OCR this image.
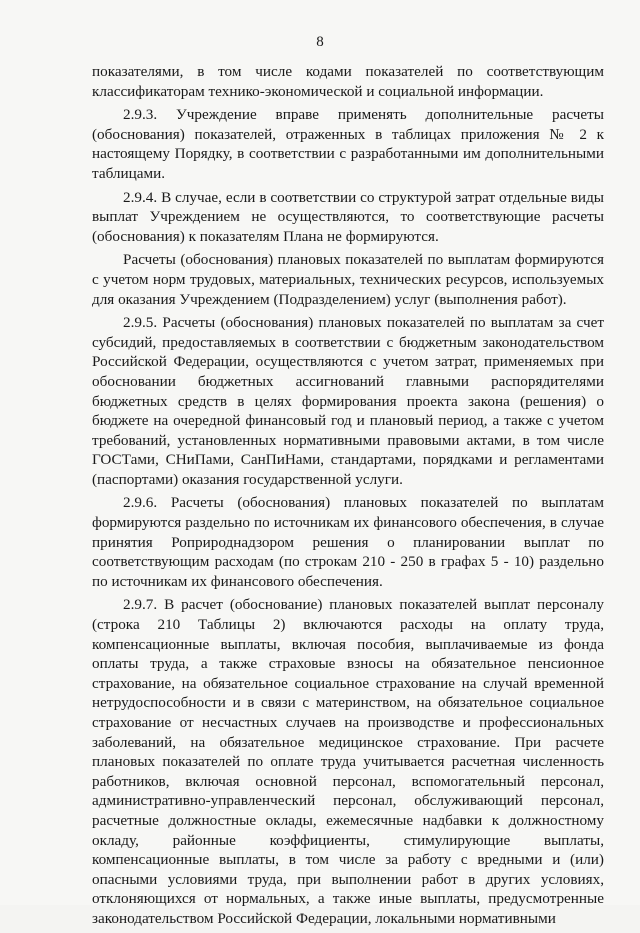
8

показателями, в том числе кодами показателей по соответствующим классификаторам технико-экономической и социальной информации.

2.9.3. Учреждение вправе применять дополнительные расчеты (обоснования) показателей, отраженных в таблицах приложения № 2 к настоящему Порядку, в соответствии с разработанными им дополнительными таблицами.

2.9.4. В случае, если в соответствии со структурой затрат отдельные виды выплат Учреждением не осуществляются, то соответствующие расчеты (обоснования) к показателям Плана не формируются.

Расчеты (обоснования) плановых показателей по выплатам формируются с учетом норм трудовых, материальных, технических ресурсов, используемых для оказания Учреждением (Подразделением) услуг (выполнения работ).

2.9.5. Расчеты (обоснования) плановых показателей по выплатам за счет субсидий, предоставляемых в соответствии с бюджетным законодательством Российской Федерации, осуществляются с учетом затрат, применяемых при обосновании бюджетных ассигнований главными распорядителями бюджетных средств в целях формирования проекта закона (решения) о бюджете на очередной финансовый год и плановый период, а также с учетом требований, установленных нормативными правовыми актами, в том числе ГОСТами, СНиПами, СанПиНами, стандартами, порядками и регламентами (паспортами) оказания государственной услуги.

2.9.6. Расчеты (обоснования) плановых показателей по выплатам формируются раздельно по источникам их финансового обеспечения, в случае принятия Роприроднадзором решения о планировании выплат по соответствующим расходам (по строкам 210 - 250 в графах 5 - 10) раздельно по источникам их финансового обеспечения.

2.9.7. В расчет (обоснование) плановых показателей выплат персоналу (строка 210 Таблицы 2) включаются расходы на оплату труда, компенсационные выплаты, включая пособия, выплачиваемые из фонда оплаты труда, а также страховые взносы на обязательное пенсионное страхование, на обязательное социальное страхование на случай временной нетрудоспособности и в связи с материнством, на обязательное социальное страхование от несчастных случаев на производстве и профессиональных заболеваний, на обязательное медицинское страхование. При расчете плановых показателей по оплате труда учитывается расчетная численность работников, включая основной персонал, вспомогательный персонал, административно-управленческий персонал, обслуживающий персонал, расчетные должностные оклады, ежемесячные надбавки к должностному окладу, районные коэффициенты, стимулирующие выплаты, компенсационные выплаты, в том числе за работу с вредными и (или) опасными условиями труда, при выполнении работ в других условиях, отклоняющихся от нормальных, а также иные выплаты, предусмотренные законодательством Российской Федерации, локальными нормативными
